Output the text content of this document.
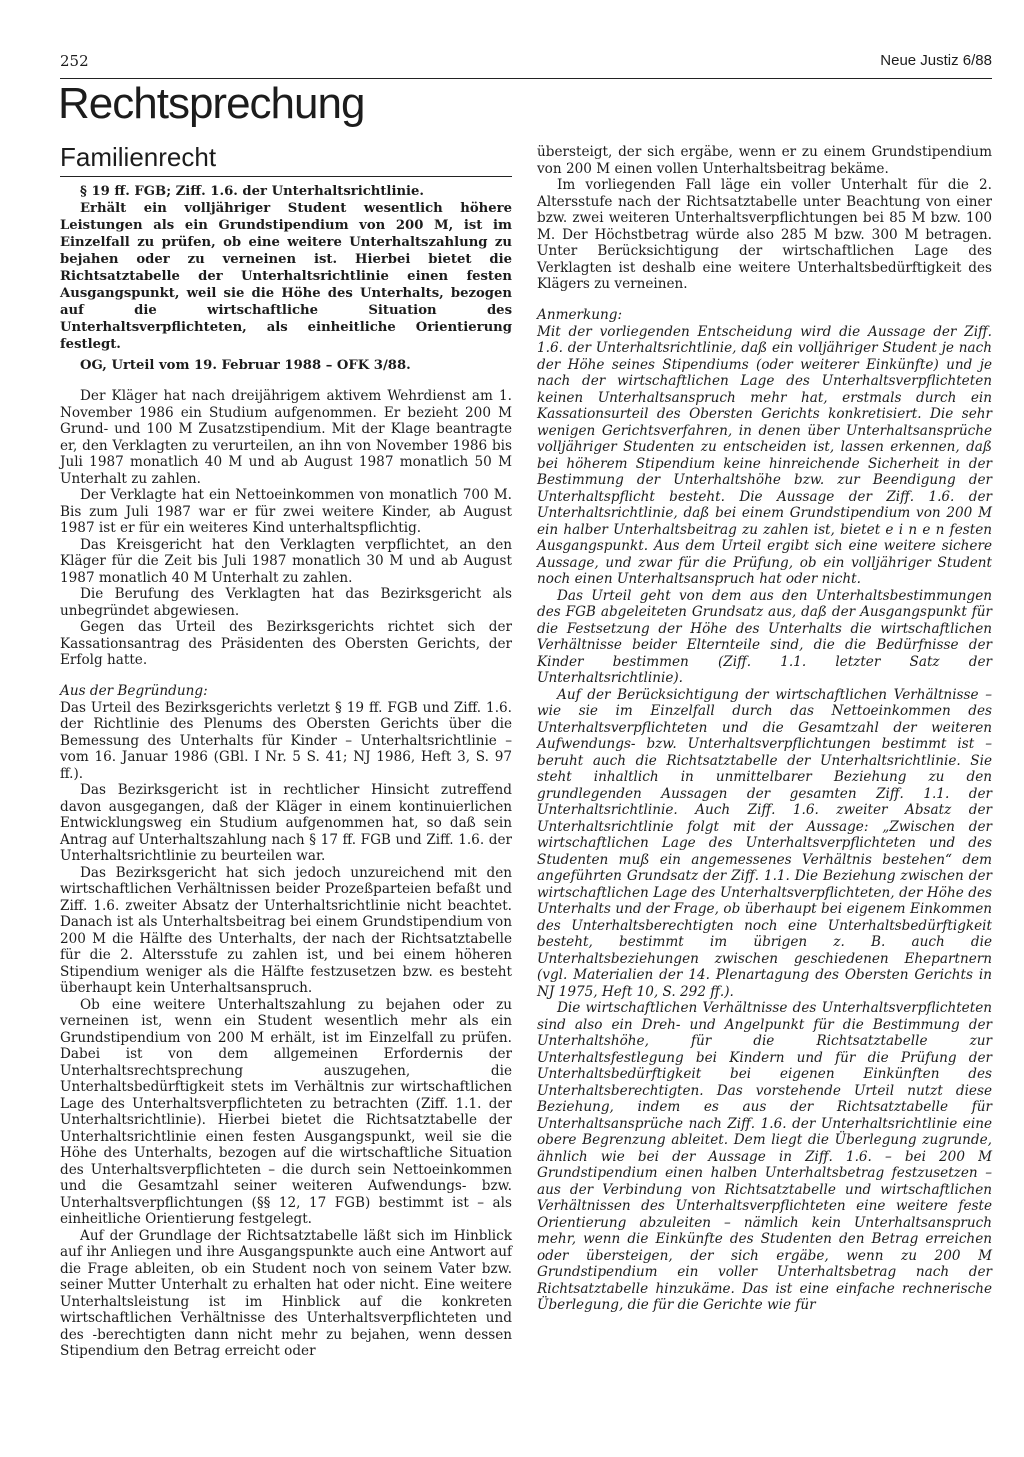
252	Neue Justiz 6/88
Rechtsprechung
Familienrecht

§ 19 ff. FGB; Ziff. 1.6. der Unterhaltsrichtlinie.

Erhält ein volljähriger Student wesentlich höhere Leistungen als ein Grundstipendium von 200 M, ist im Einzelfall zu prüfen, ob eine weitere Unterhaltszahlung zu bejahen oder zu verneinen ist. Hierbei bietet die Richtsatztabelle der Unterhaltsrichtlinie einen festen Ausgangspunkt, weil sie die Höhe des Unterhalts, bezogen auf die wirtschaftliche Situation des Unterhaltsverpflichteten, als einheitliche Orientierung festlegt.

OG, Urteil vom 19. Februar 1988 – OFK 3/88.

Der Kläger hat nach dreijährigem aktivem Wehrdienst am 1. November 1986 ein Studium aufgenommen. Er bezieht 200 M Grund- und 100 M Zusatzstipendium. Mit der Klage beantragte er, den Verklagten zu verurteilen, an ihn von November 1986 bis Juli 1987 monatlich 40 M und ab August 1987 monatlich 50 M Unterhalt zu zahlen.

Der Verklagte hat ein Nettoeinkommen von monatlich 700 M. Bis zum Juli 1987 war er für zwei weitere Kinder, ab August 1987 ist er für ein weiteres Kind unterhaltspflichtig.

Das Kreisgericht hat den Verklagten verpflichtet, an den Kläger für die Zeit bis Juli 1987 monatlich 30 M und ab August 1987 monatlich 40 M Unterhalt zu zahlen.

Die Berufung des Verklagten hat das Bezirksgericht als unbegründet abgewiesen.

Gegen das Urteil des Bezirksgerichts richtet sich der Kassationsantrag des Präsidenten des Obersten Gerichts, der Erfolg hatte.

Aus der Begründung:

Das Urteil des Bezirksgerichts verletzt § 19 ff. FGB und Ziff. 1.6. der Richtlinie des Plenums des Obersten Gerichts über die Bemessung des Unterhalts für Kinder – Unterhaltsrichtlinie – vom 16. Januar 1986 (GBl. I Nr. 5 S. 41; NJ 1986, Heft 3, S. 97 ff.).

Das Bezirksgericht ist in rechtlicher Hinsicht zutreffend davon ausgegangen, daß der Kläger in einem kontinuierlichen Entwicklungsweg ein Studium aufgenommen hat, so daß sein Antrag auf Unterhaltszahlung nach § 17 ff. FGB und Ziff. 1.6. der Unterhaltsrichtlinie zu beurteilen war.

Das Bezirksgericht hat sich jedoch unzureichend mit den wirtschaftlichen Verhältnissen beider Prozeßparteien befaßt und Ziff. 1.6. zweiter Absatz der Unterhaltsrichtlinie nicht beachtet. Danach ist als Unterhaltsbeitrag bei einem Grundstipendium von 200 M die Hälfte des Unterhalts, der nach der Richtsatztabelle für die 2. Altersstufe zu zahlen ist, und bei einem höheren Stipendium weniger als die Hälfte festzusetzen bzw. es besteht überhaupt kein Unterhaltsanspruch.

Ob eine weitere Unterhaltszahlung zu bejahen oder zu verneinen ist, wenn ein Student wesentlich mehr als ein Grundstipendium von 200 M erhält, ist im Einzelfall zu prüfen. Dabei ist von dem allgemeinen Erfordernis der Unterhaltsrechtsprechung auszugehen, die Unterhaltsbedürftigkeit stets im Verhältnis zur wirtschaftlichen Lage des Unterhaltsverpflichteten zu betrachten (Ziff. 1.1. der Unterhaltsrichtlinie). Hierbei bietet die Richtsatztabelle der Unterhaltsrichtlinie einen festen Ausgangspunkt, weil sie die Höhe des Unterhalts, bezogen auf die wirtschaftliche Situation des Unterhaltsverpflichteten – die durch sein Nettoeinkommen und die Gesamtzahl seiner weiteren Aufwendungs- bzw. Unterhaltsverpflichtungen (§§ 12, 17 FGB) bestimmt ist – als einheitliche Orientierung festgelegt.

Auf der Grundlage der Richtsatztabelle läßt sich im Hinblick auf ihr Anliegen und ihre Ausgangspunkte auch eine Antwort auf die Frage ableiten, ob ein Student noch von seinem Vater bzw. seiner Mutter Unterhalt zu erhalten hat oder nicht. Eine weitere Unterhaltsleistung ist im Hinblick auf die konkreten wirtschaftlichen Verhältnisse des Unterhaltsverpflichteten und des -berechtigten dann nicht mehr zu bejahen, wenn dessen Stipendium den Betrag erreicht oder

übersteigt, der sich ergäbe, wenn er zu einem Grundstipendium von 200 M einen vollen Unterhaltsbeitrag bekäme.

Im vorliegenden Fall läge ein voller Unterhalt für die 2. Altersstufe nach der Richtsatztabelle unter Beachtung von einer bzw. zwei weiteren Unterhaltsverpflichtungen bei 85 M bzw. 100 M. Der Höchstbetrag würde also 285 M bzw. 300 M betragen. Unter Berücksichtigung der wirtschaftlichen Lage des Verklagten ist deshalb eine weitere Unterhaltsbedürftigkeit des Klägers zu verneinen.

Anmerkung:

Mit der vorliegenden Entscheidung wird die Aussage der Ziff. 1.6. der Unterhaltsrichtlinie, daß ein volljähriger Student je nach der Höhe seines Stipendiums (oder weiterer Einkünfte) und je nach der wirtschaftlichen Lage des Unterhaltsverpflichteten keinen Unterhaltsanspruch mehr hat, erstmals durch ein Kassationsurteil des Obersten Gerichts konkretisiert. Die sehr wenigen Gerichtsverfahren, in denen über Unterhaltsansprüche volljähriger Studenten zu entscheiden ist, lassen erkennen, daß bei höherem Stipendium keine hinreichende Sicherheit in der Bestimmung der Unterhaltshöhe bzw. zur Beendigung der Unterhaltspflicht besteht. Die Aussage der Ziff. 1.6. der Unterhaltsrichtlinie, daß bei einem Grundstipendium von 200 M ein halber Unterhaltsbeitrag zu zahlen ist, bietet e i n e n festen Ausgangspunkt. Aus dem Urteil ergibt sich eine weitere sichere Aussage, und zwar für die Prüfung, ob ein volljähriger Student noch einen Unterhaltsanspruch hat oder nicht.

Das Urteil geht von dem aus den Unterhaltsbestimmungen des FGB abgeleiteten Grundsatz aus, daß der Ausgangspunkt für die Festsetzung der Höhe des Unterhalts die wirtschaftlichen Verhältnisse beider Elternteile sind, die die Bedürfnisse der Kinder bestimmen (Ziff. 1.1. letzter Satz der Unterhaltsrichtlinie).

Auf der Berücksichtigung der wirtschaftlichen Verhältnisse – wie sie im Einzelfall durch das Nettoeinkommen des Unterhaltsverpflichteten und die Gesamtzahl der weiteren Aufwendungs- bzw. Unterhaltsverpflichtungen bestimmt ist – beruht auch die Richtsatztabelle der Unterhaltsrichtlinie. Sie steht inhaltlich in unmittelbarer Beziehung zu den grundlegenden Aussagen der gesamten Ziff. 1.1. der Unterhaltsrichtlinie. Auch Ziff. 1.6. zweiter Absatz der Unterhaltsrichtlinie folgt mit der Aussage: „Zwischen der wirtschaftlichen Lage des Unterhaltsverpflichteten und des Studenten muß ein angemessenes Verhältnis bestehen“ dem angeführten Grundsatz der Ziff. 1.1. Die Beziehung zwischen der wirtschaftlichen Lage des Unterhaltsverpflichteten, der Höhe des Unterhalts und der Frage, ob überhaupt bei eigenem Einkommen des Unterhaltsberechtigten noch eine Unterhaltsbedürftigkeit besteht, bestimmt im übrigen z. B. auch die Unterhaltsbeziehungen zwischen geschiedenen Ehepartnern (vgl. Materialien der 14. Plenartagung des Obersten Gerichts in NJ 1975, Heft 10, S. 292 ff.).

Die wirtschaftlichen Verhältnisse des Unterhaltsverpflichteten sind also ein Dreh- und Angelpunkt für die Bestimmung der Unterhaltshöhe, für die Richtsatztabelle zur Unterhaltsfestlegung bei Kindern und für die Prüfung der Unterhaltsbedürftigkeit bei eigenen Einkünften des Unterhaltsberechtigten. Das vorstehende Urteil nutzt diese Beziehung, indem es aus der Richtsatztabelle für Unterhaltsansprüche nach Ziff. 1.6. der Unterhaltsrichtlinie eine obere Begrenzung ableitet. Dem liegt die Überlegung zugrunde, ähnlich wie bei der Aussage in Ziff. 1.6. – bei 200 M Grundstipendium einen halben Unterhaltsbetrag festzusetzen – aus der Verbindung von Richtsatztabelle und wirtschaftlichen Verhältnissen des Unterhaltsverpflichteten eine weitere feste Orientierung abzuleiten – nämlich kein Unterhaltsanspruch mehr, wenn die Einkünfte des Studenten den Betrag erreichen oder übersteigen, der sich ergäbe, wenn zu 200 M Grundstipendium ein voller Unterhaltsbetrag nach der Richtsatztabelle hinzukäme. Das ist eine einfache rechnerische Überlegung, die für die Gerichte wie für
